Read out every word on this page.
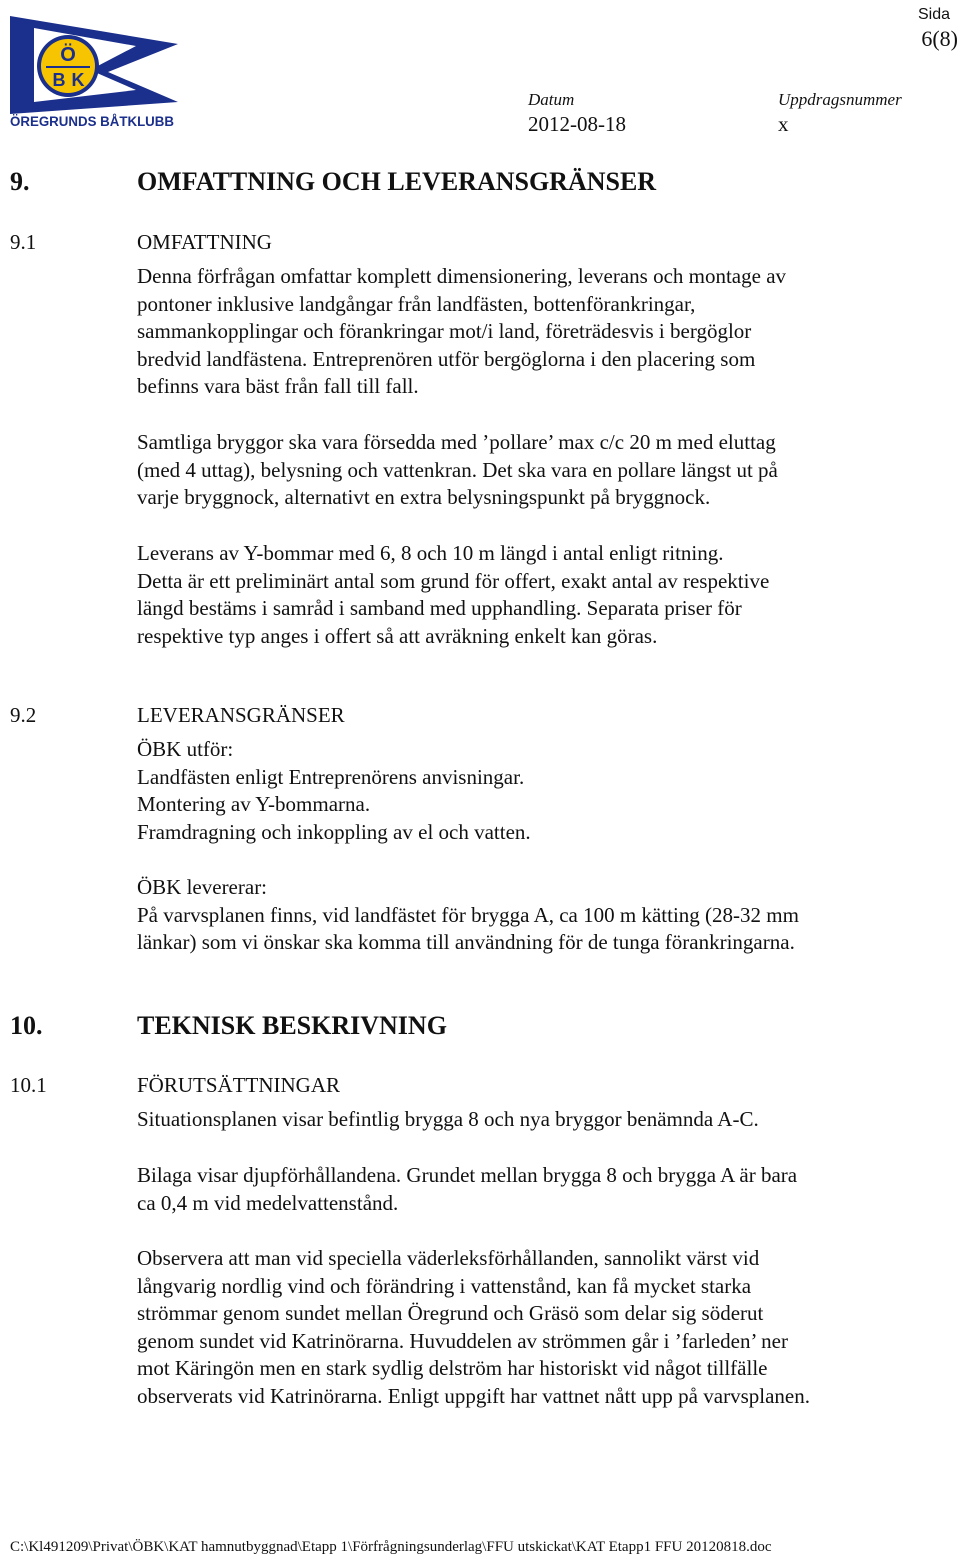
Ö
B K
ÖREGRUNDS BÅTKLUBB
Sida
6(8)
Datum
2012-08-18
Uppdragsnummer
x
9.	OMFATTNING OCH LEVERANSGRÄNSER
9.1	OMFATTNING
Denna förfrågan omfattar komplett dimensionering, leverans och montage av
pontoner inklusive landgångar från landfästen, bottenförankringar,
sammankopplingar och förankringar mot/i land, företrädesvis i bergöglor
bredvid landfästena. Entreprenören utför bergöglorna i den placering som
befinns vara bäst från fall till fall.
Samtliga bryggor ska vara försedda med ’pollare’ max c/c 20 m med eluttag
(med 4 uttag), belysning och vattenkran. Det ska vara en pollare längst ut på
varje bryggnock, alternativt en extra belysningspunkt på bryggnock.
Leverans av Y-bommar med 6, 8 och 10 m längd i antal enligt ritning.
Detta är ett preliminärt antal som grund för offert, exakt antal av respektive
längd bestäms i samråd i samband med upphandling. Separata priser för
respektive typ anges i offert så att avräkning enkelt kan göras.
9.2	LEVERANSGRÄNSER
ÖBK utför:
Landfästen enligt Entreprenörens anvisningar.
Montering av Y-bommarna.
Framdragning och inkoppling av el och vatten.
ÖBK levererar:
På varvsplanen finns, vid landfästet för brygga A, ca 100 m kätting (28-32 mm
länkar) som vi önskar ska komma till användning för de tunga förankringarna.
10.	TEKNISK BESKRIVNING
10.1	FÖRUTSÄTTNINGAR
Situationsplanen visar befintlig brygga 8 och nya bryggor benämnda A-C.
Bilaga visar djupförhållandena. Grundet mellan brygga 8 och brygga A är bara
ca 0,4 m vid medelvattenstånd.
Observera att man vid speciella väderleksförhållanden, sannolikt värst vid
långvarig nordlig vind och förändring i vattenstånd, kan få mycket starka
strömmar genom sundet mellan Öregrund och Gräsö som delar sig söderut
genom sundet vid Katrinörarna. Huvuddelen av strömmen går i ’farleden’ ner
mot Käringön men en stark sydlig delström har historiskt vid något tillfälle
observerats vid Katrinörarna. Enligt uppgift har vattnet nått upp på varvsplanen.
C:\Kl491209\Privat\ÖBK\KAT hamnutbyggnad\Etapp 1\Förfrågningsunderlag\FFU utskickat\KAT Etapp1 FFU 20120818.doc
